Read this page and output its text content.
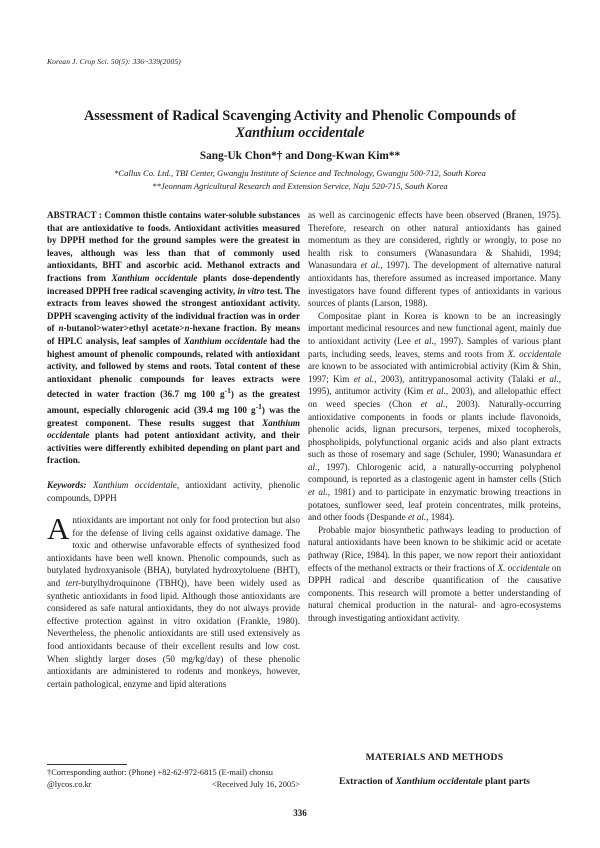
Korean J. Crop Sci. 50(5): 336~339(2005)
Assessment of Radical Scavenging Activity and Phenolic Compounds of
Xanthium occidentale
Sang-Uk Chon*† and Dong-Kwan Kim**
*Callus Co. Ltd., TBI Center, Gwangju Institute of Science and Technology, Gwangju 500-712, South Korea
**Jeonnam Agricultural Research and Extension Service, Naju 520-715, South Korea

ABSTRACT : Common thistle contains water-soluble substances that are antioxidative to foods. Antioxidant activities measured by DPPH method for the ground samples were the greatest in leaves, although was less than that of commonly used antioxidants, BHT and ascorbic acid. Methanol extracts and fractions from Xanthium occidentale plants dose-dependently increased DPPH free radical scavenging activity, in vitro test. The extracts from leaves showed the strongest antioxidant activity. DPPH scavenging activity of the individual fraction was in order of n-butanol>water>ethyl acetate>n-hexane fraction. By means of HPLC analysis, leaf samples of Xanthium occidentale had the highest amount of phenolic compounds, related with antioxidant activity, and followed by stems and roots. Total content of these antioxidant phenolic compounds for leaves extracts were detected in water fraction (36.7 mg 100 $g^{-1}$) as the greatest amount, especially chlorogenic acid (39.4 mg 100 $g^{-1}$) was the greatest component. These results suggest that Xanthium occidentale plants had potent antioxidant activity, and their activities were differently exhibited depending on plant part and fraction.

Keywords: Xanthium occidentale, antioxidant activity, phenolic compounds, DPPH

Antioxidants are important not only for food protection but also for the defense of living cells against oxidative damage. The toxic and otherwise unfavorable effects of synthesized food antioxidants have been well known. Phenolic compounds, such as butylated hydroxyanisole (BHA), butylated hydroxytoluene (BHT), and tert-butylhydroquinone (TBHQ), have been widely used as synthetic antioxidants in food lipid. Although those antioxidants are considered as safe natural antioxidants, they do not always provide effective protection against in vitro oxidation (Frankle, 1980). Nevertheless, the phenolic antioxidants are still used extensively as food antioxidants because of their excellent results and low cost. When slightly larger doses (50 mg/kg/day) of these phenolic antioxidants are administered to rodents and monkeys, however, certain pathological, enzyme and lipid alterations

as well as carcinogenic effects have been observed (Branen, 1975). Therefore, research on other natural antioxidants has gained momentum as they are considered, rightly or wrongly, to pose no health risk to consumers (Wanasundara & Shahidi, 1994; Wanasundara et al., 1997). The development of alternative natural antioxidants has, therefore assumed as increased importance. Many investigators have found different types of antioxidants in various sources of plants (Larson, 1988).

Compositae plant in Korea is known to be an increasingly important medicinal resources and new functional agent, mainly due to antioxidant activity (Lee et al., 1997). Samples of various plant parts, including seeds, leaves, stems and roots from X. occidentale are known to be associated with antimicrobial activity (Kim & Shin, 1997; Kim et al., 2003), antitrypanosomal activity (Talaki et al., 1995), antitumor activity (Kim et al., 2003), and allelopathic effect on weed species (Chon et al., 2003). Naturally-occurring antioxidative components in foods or plants include flavonoids, phenolic acids, lignan precursors, terpenes, mixed tocopherols, phospholipids, polyfunctional organic acids and also plant extracts such as those of rosemary and sage (Schuler, 1990; Wanasundara et al., 1997). Chlorogenic acid, a naturally-occurring polyphenol compound, is reported as a clastogenic agent in hamster cells (Stich et al., 1981) and to participate in enzymatic browing treactions in potatoes, sunflower seed, leaf protein concentrates, milk proteins, and other foods (Despande et al., 1984).

Probable major biosynthetic pathways leading to production of natural antioxidants have been known to be shikimic acid or acetate pathway (Rice, 1984). In this paper, we now report their antioxidant effects of the methanol extracts or their fractions of X. occidentale on DPPH radical and describe quantification of the causative components. This research will promote a better understanding of natural chemical production in the natural- and agro-ecosystems through investigating antioxidant activity.

†Corresponding author: (Phone) +82-62-972-6815 (E-mail) chonsu @lycos.co.kr	<Received July 16, 2005>
MATERIALS AND METHODS
Extraction of Xanthium occidentale plant parts
336
